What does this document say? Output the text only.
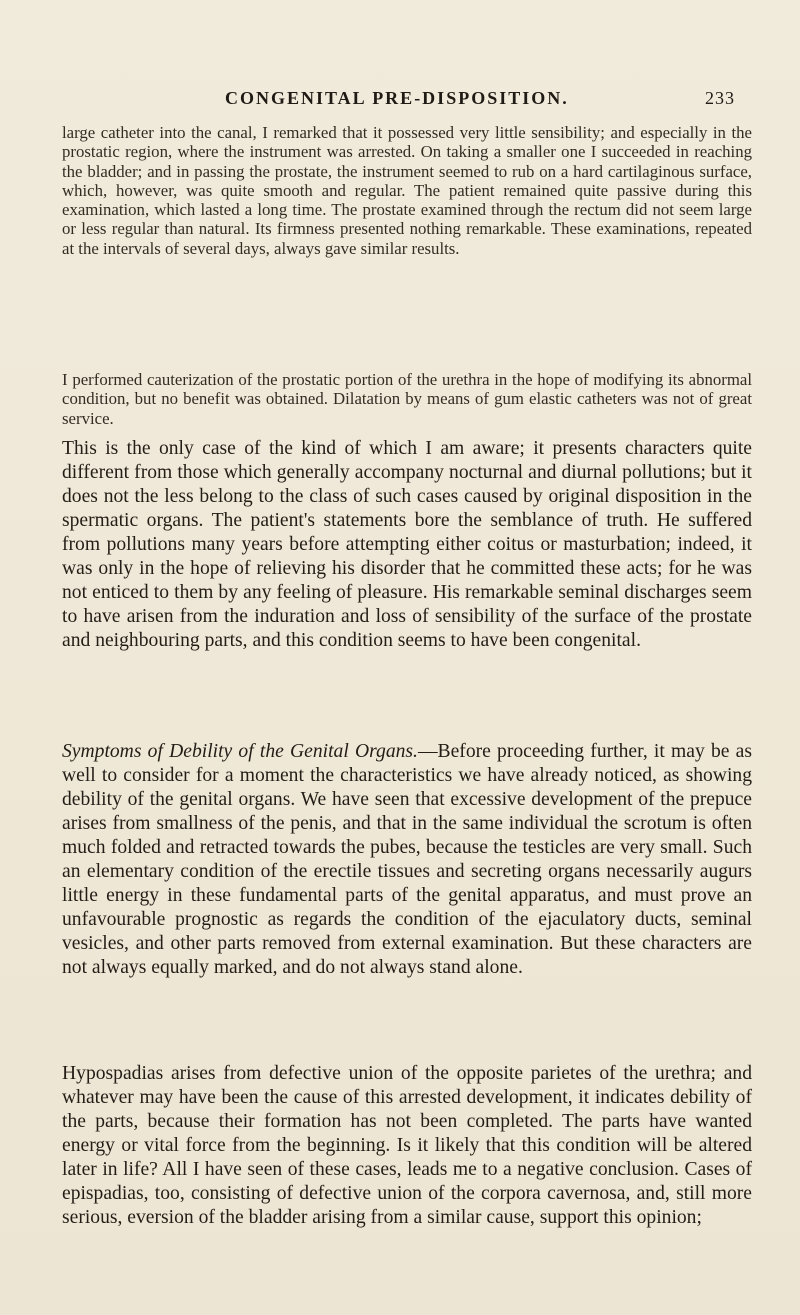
CONGENITAL PRE-DISPOSITION.	233

large catheter into the canal, I remarked that it possessed very little sensibility; and especially in the prostatic region, where the instrument was arrested. On taking a smaller one I succeeded in reaching the bladder; and in passing the prostate, the instrument seemed to rub on a hard cartilaginous surface, which, however, was quite smooth and regular. The patient remained quite passive during this examination, which lasted a long time. The prostate examined through the rectum did not seem large or less regular than natural. Its firmness presented nothing remarkable. These examinations, repeated at the intervals of several days, always gave similar results.

I performed cauterization of the prostatic portion of the urethra in the hope of modifying its abnormal condition, but no benefit was obtained. Dilatation by means of gum elastic catheters was not of great service.

This is the only case of the kind of which I am aware; it presents characters quite different from those which generally accompany nocturnal and diurnal pollutions; but it does not the less belong to the class of such cases caused by original disposition in the spermatic organs. The patient's statements bore the semblance of truth. He suffered from pollutions many years before attempting either coitus or masturbation; indeed, it was only in the hope of relieving his disorder that he committed these acts; for he was not enticed to them by any feeling of pleasure. His remarkable seminal discharges seem to have arisen from the induration and loss of sensibility of the surface of the prostate and neighbouring parts, and this condition seems to have been congenital.

Symptoms of Debility of the Genital Organs.—Before proceeding further, it may be as well to consider for a moment the characteristics we have already noticed, as showing debility of the genital organs. We have seen that excessive development of the prepuce arises from smallness of the penis, and that in the same individual the scrotum is often much folded and retracted towards the pubes, because the testicles are very small. Such an elementary condition of the erectile tissues and secreting organs necessarily augurs little energy in these fundamental parts of the genital apparatus, and must prove an unfavourable prognostic as regards the condition of the ejaculatory ducts, seminal vesicles, and other parts removed from external examination. But these characters are not always equally marked, and do not always stand alone.

Hypospadias arises from defective union of the opposite parietes of the urethra; and whatever may have been the cause of this arrested development, it indicates debility of the parts, because their formation has not been completed. The parts have wanted energy or vital force from the beginning. Is it likely that this condition will be altered later in life? All I have seen of these cases, leads me to a negative conclusion. Cases of epispadias, too, consisting of defective union of the corpora cavernosa, and, still more serious, eversion of the bladder arising from a similar cause, support this opinion;
